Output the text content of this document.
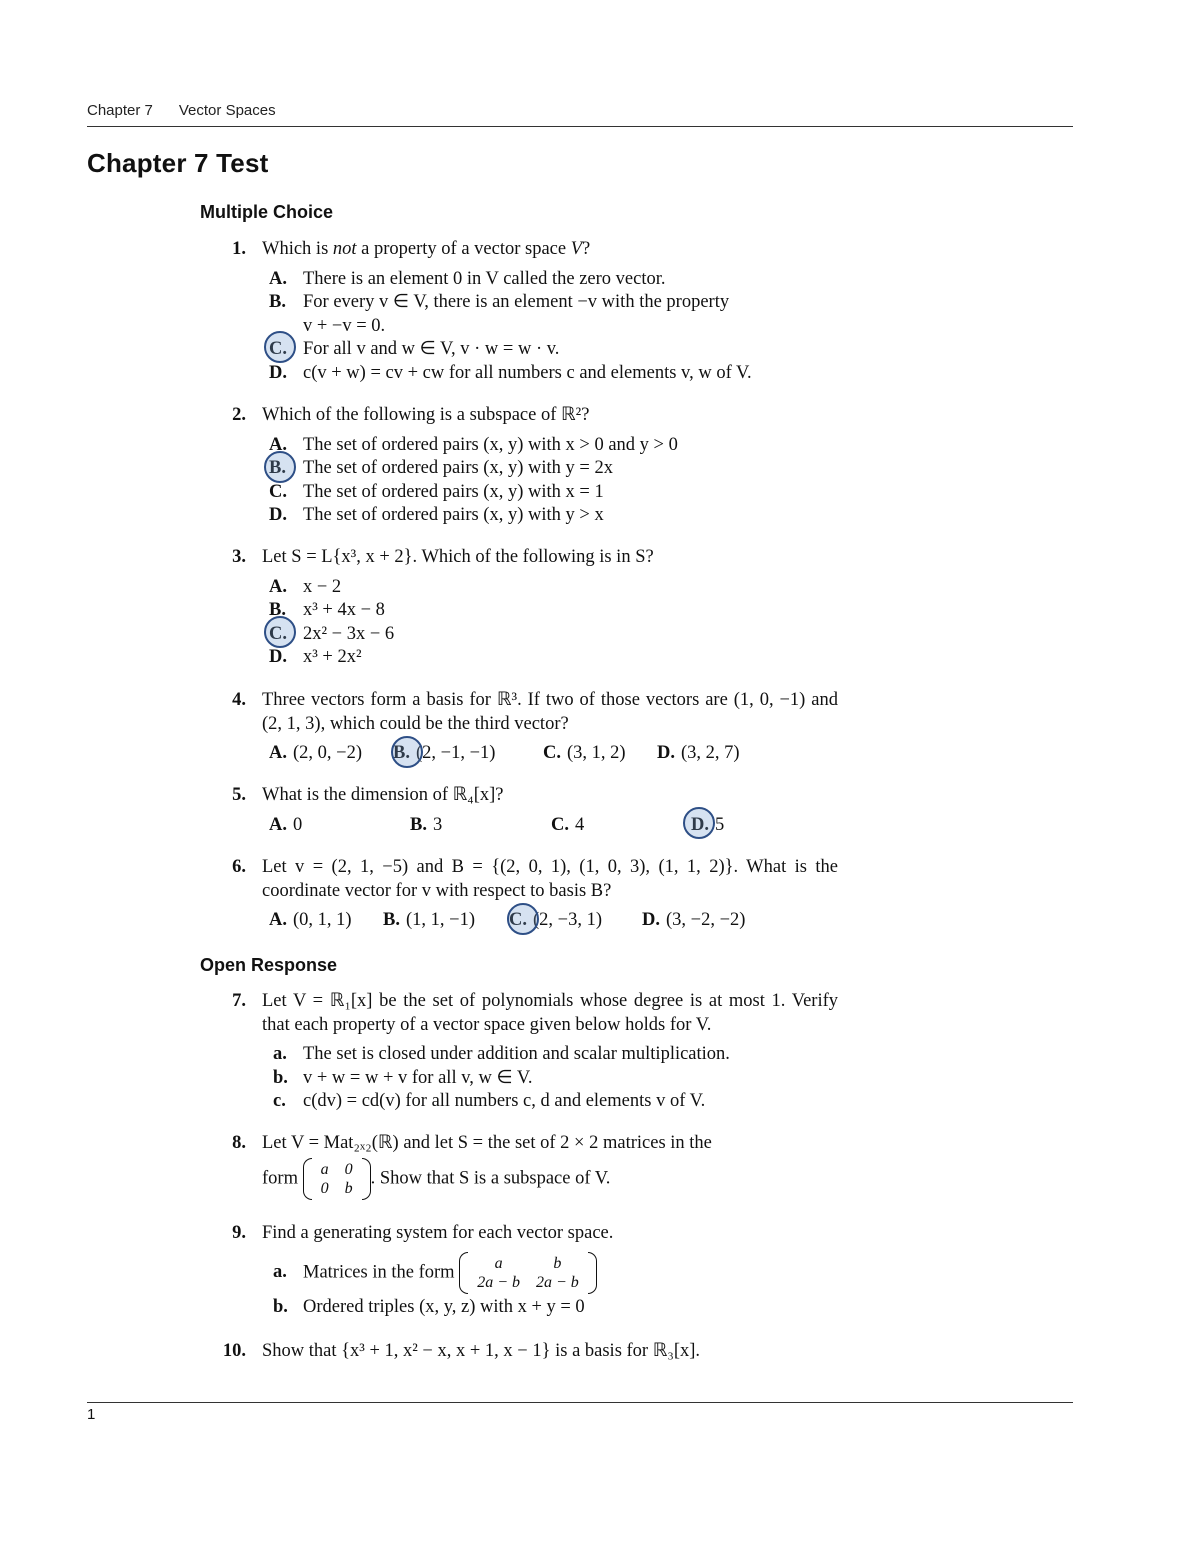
Chapter 7 Vector Spaces
Chapter 7 Test
Multiple Choice
1. Which is not a property of a vector space V?
A. There is an element 0 in V called the zero vector.
B. For every v ∈ V, there is an element −v with the property
v + −v = 0.
C. For all v and w ∈ V, v · w = w · v.
D. c(v + w) = cv + cw for all numbers c and elements v, w of V.
2. Which of the following is a subspace of ℝ²?
A. The set of ordered pairs (x, y) with x > 0 and y > 0
B. The set of ordered pairs (x, y) with y = 2x
C. The set of ordered pairs (x, y) with x = 1
D. The set of ordered pairs (x, y) with y > x
3. Let S = L{x³, x + 2}. Which of the following is in S?
A. x − 2
B. x³ + 4x − 8
C. 2x² − 3x − 6
D. x³ + 2x²
4. Three vectors form a basis for ℝ³. If two of those vectors are (1, 0, −1) and (2, 1, 3), which could be the third vector?
A. (2, 0, −2) B. (2, −1, −1)	C. (3, 1, 2) D. (3, 2, 7)
5. What is the dimension of ℝ₄[x]?
A. 0	B. 3	C. 4	D. 5
6. Let v = (2, 1, −5) and B = {(2, 0, 1), (1, 0, 3), (1, 1, 2)}. What is the coordinate vector for v with respect to basis B?
A. (0, 1, 1) B. (1, 1, −1) C. (2, −3, 1) D. (3, −2, −2)
Open Response
7. Let V = ℝ₁[x] be the set of polynomials whose degree is at most 1. Verify that each property of a vector space given below holds for V.
a. The set is closed under addition and scalar multiplication.
b. v + w = w + v for all v, w ∈ V.
c. c(dv) = cd(v) for all numbers c, d and elements v of V.
8. Let V = Mat₂ₓ₂(ℝ) and let S = the set of 2 × 2 matrices in the
form a	0
0	b
. Show that S is a subspace of V.
9. Find a generating system for each vector space.
a. Matrices in the form	a	b
2a − b	2a − b
b. Ordered triples (x, y, z) with x + y = 0
10. Show that {x³ + 1, x² − x, x + 1, x − 1} is a basis for ℝ₃[x].
1
